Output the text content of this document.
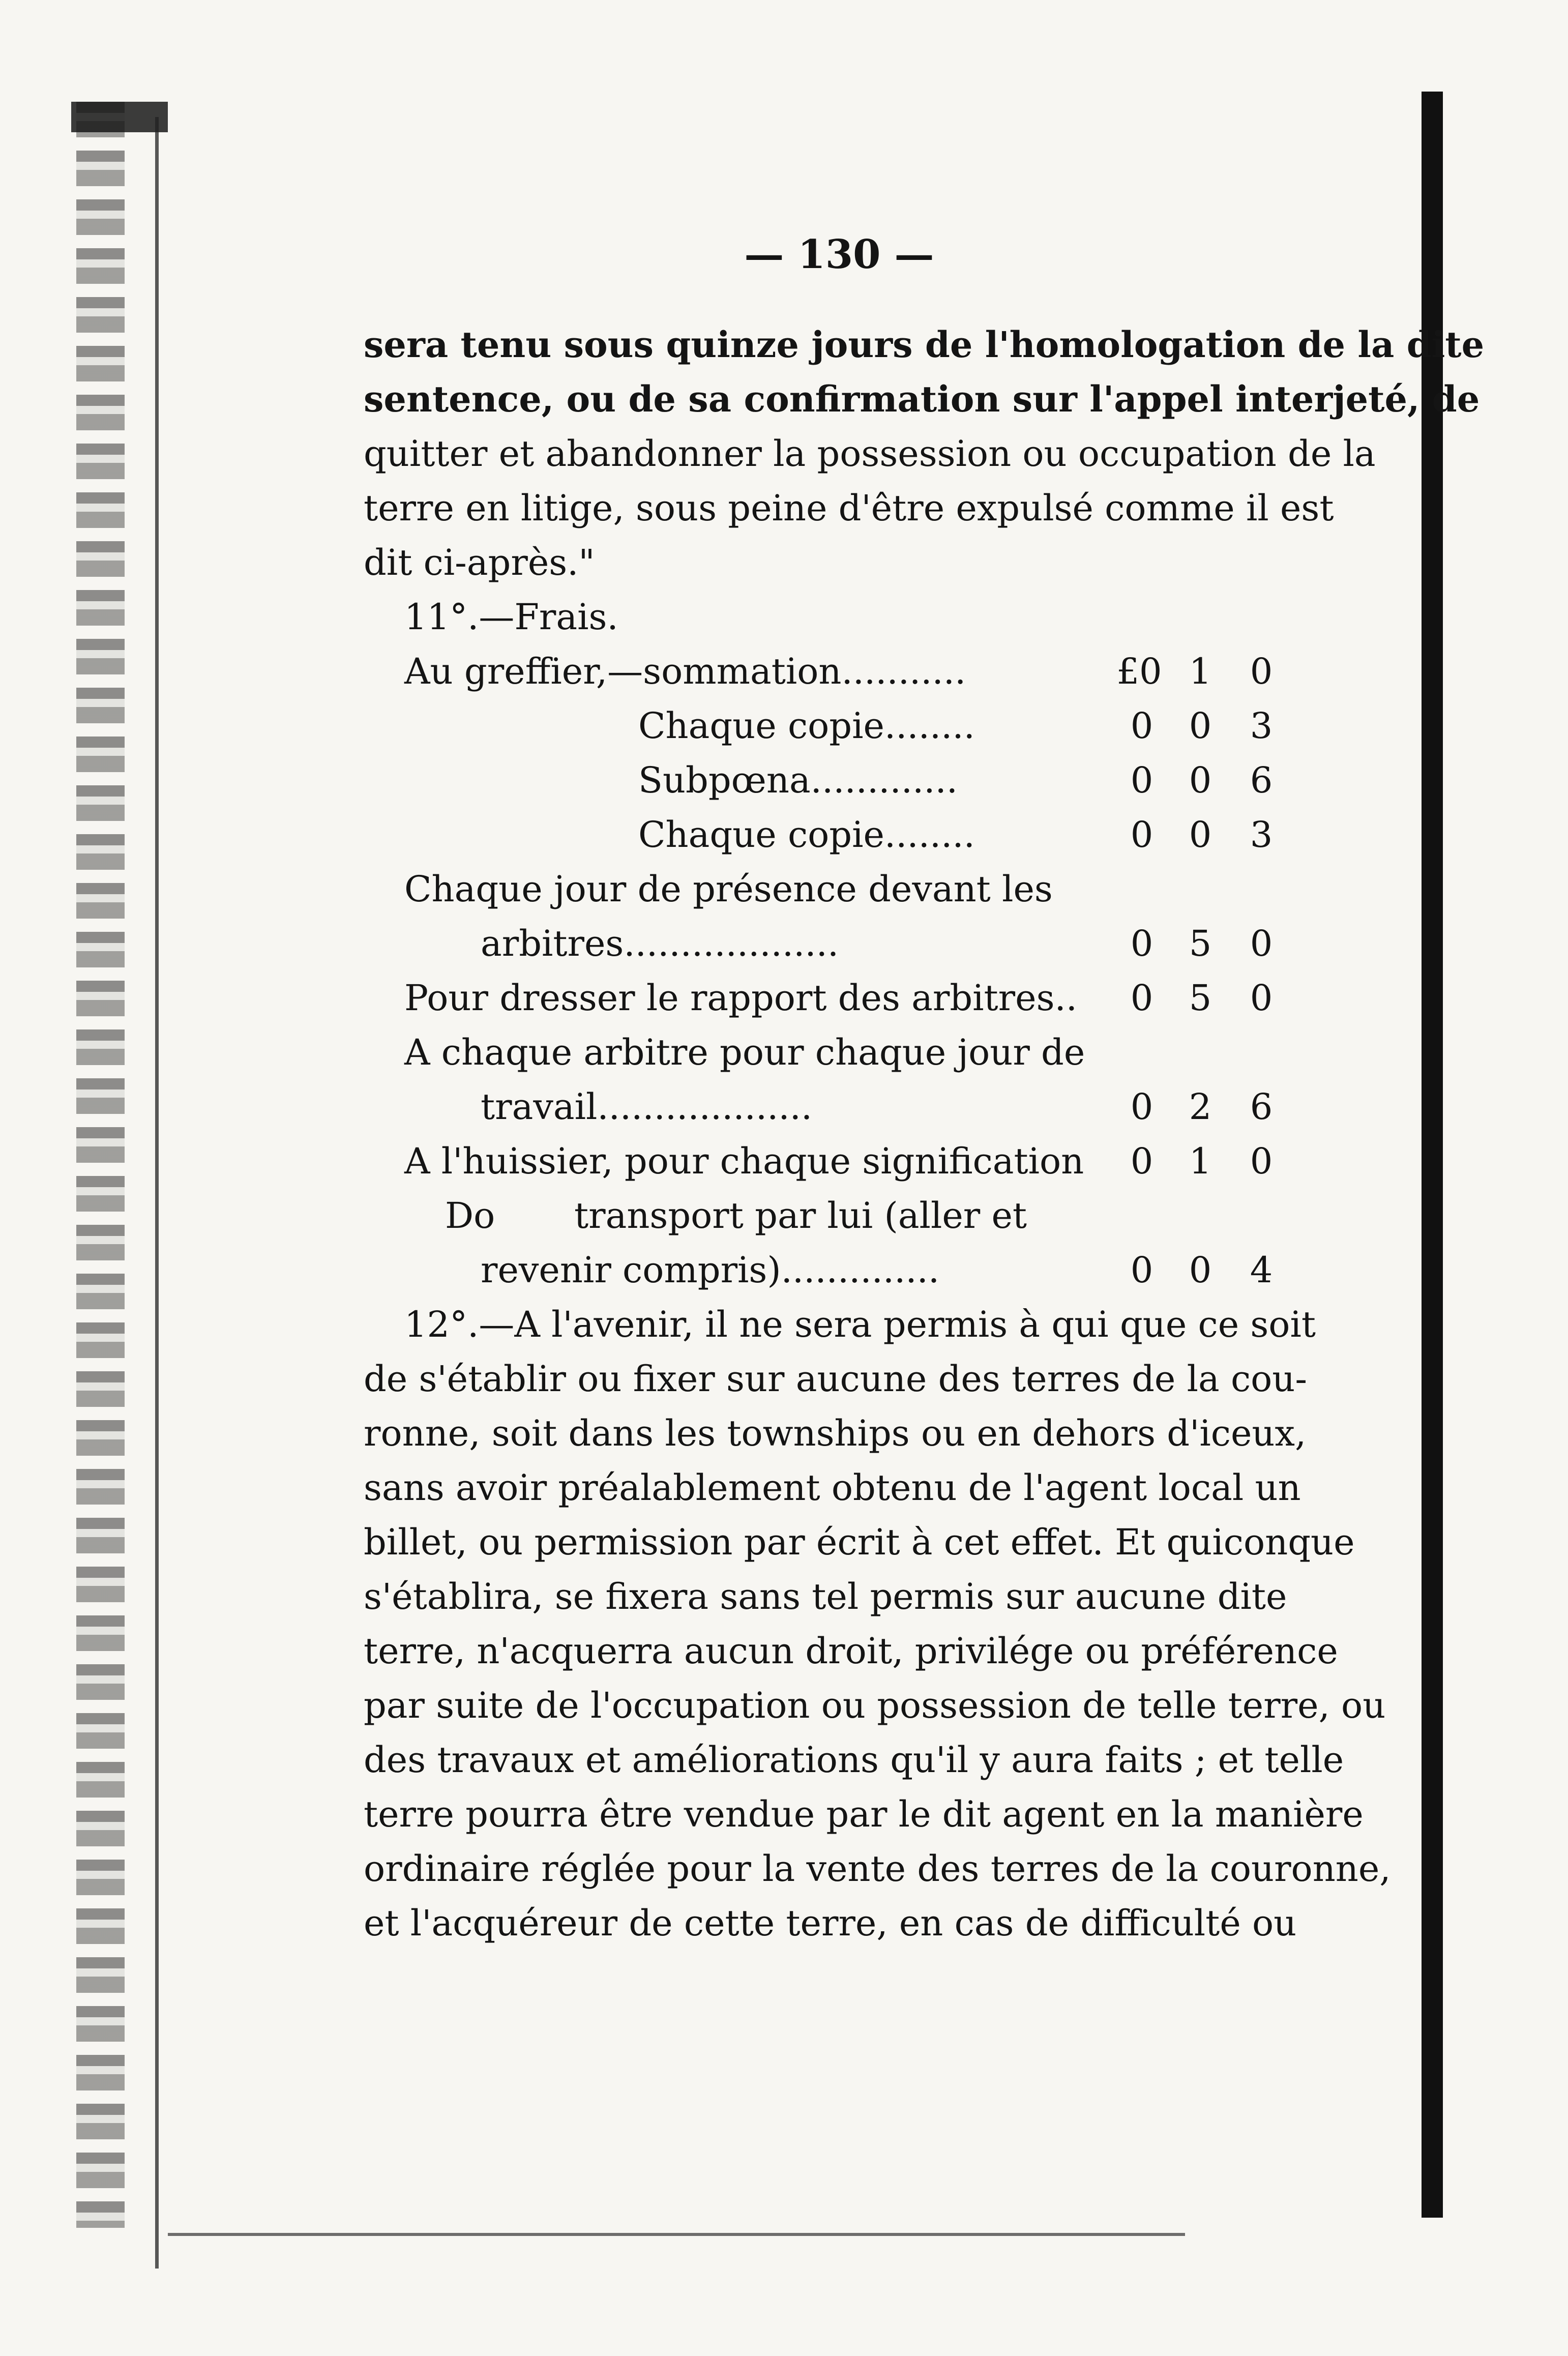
— 130 —
sera tenu sous quinze jours de l'homologation de la dite
sentence, ou de sa confirmation sur l'appel interjeté, de
quitter et abandonner la possession ou occupation de la
terre en litige, sous peine d'être expulsé comme il est
dit ci-après."
11°.—Frais.
Au greffier,—sommation...........	£0 1 0
Chaque copie........	0 0 3
Subpœna.............	0 0 6
Chaque copie........	0 0 3
Chaque jour de présence devant les
arbitres...................	0 5 0
Pour dresser le rapport des arbitres.. 0 5 0
A chaque arbitre pour chaque jour de
travail...................	0 2 6
A l'huissier, pour chaque signification 0 1 0
Do       transport par lui (aller et
revenir compris)..............	0 0 4
12°.—A l'avenir, il ne sera permis à qui que ce soit
de s'établir ou fixer sur aucune des terres de la cou-
ronne, soit dans les townships ou en dehors d'iceux,
sans avoir préalablement obtenu de l'agent local un
billet, ou permission par écrit à cet effet. Et quiconque
s'établira, se fixera sans tel permis sur aucune dite
terre, n'acquerra aucun droit, privilége ou préférence
par suite de l'occupation ou possession de telle terre, ou
des travaux et améliorations qu'il y aura faits ; et telle
terre pourra être vendue par le dit agent en la manière
ordinaire réglée pour la vente des terres de la couronne,
et l'acquéreur de cette terre, en cas de difficulté ou
